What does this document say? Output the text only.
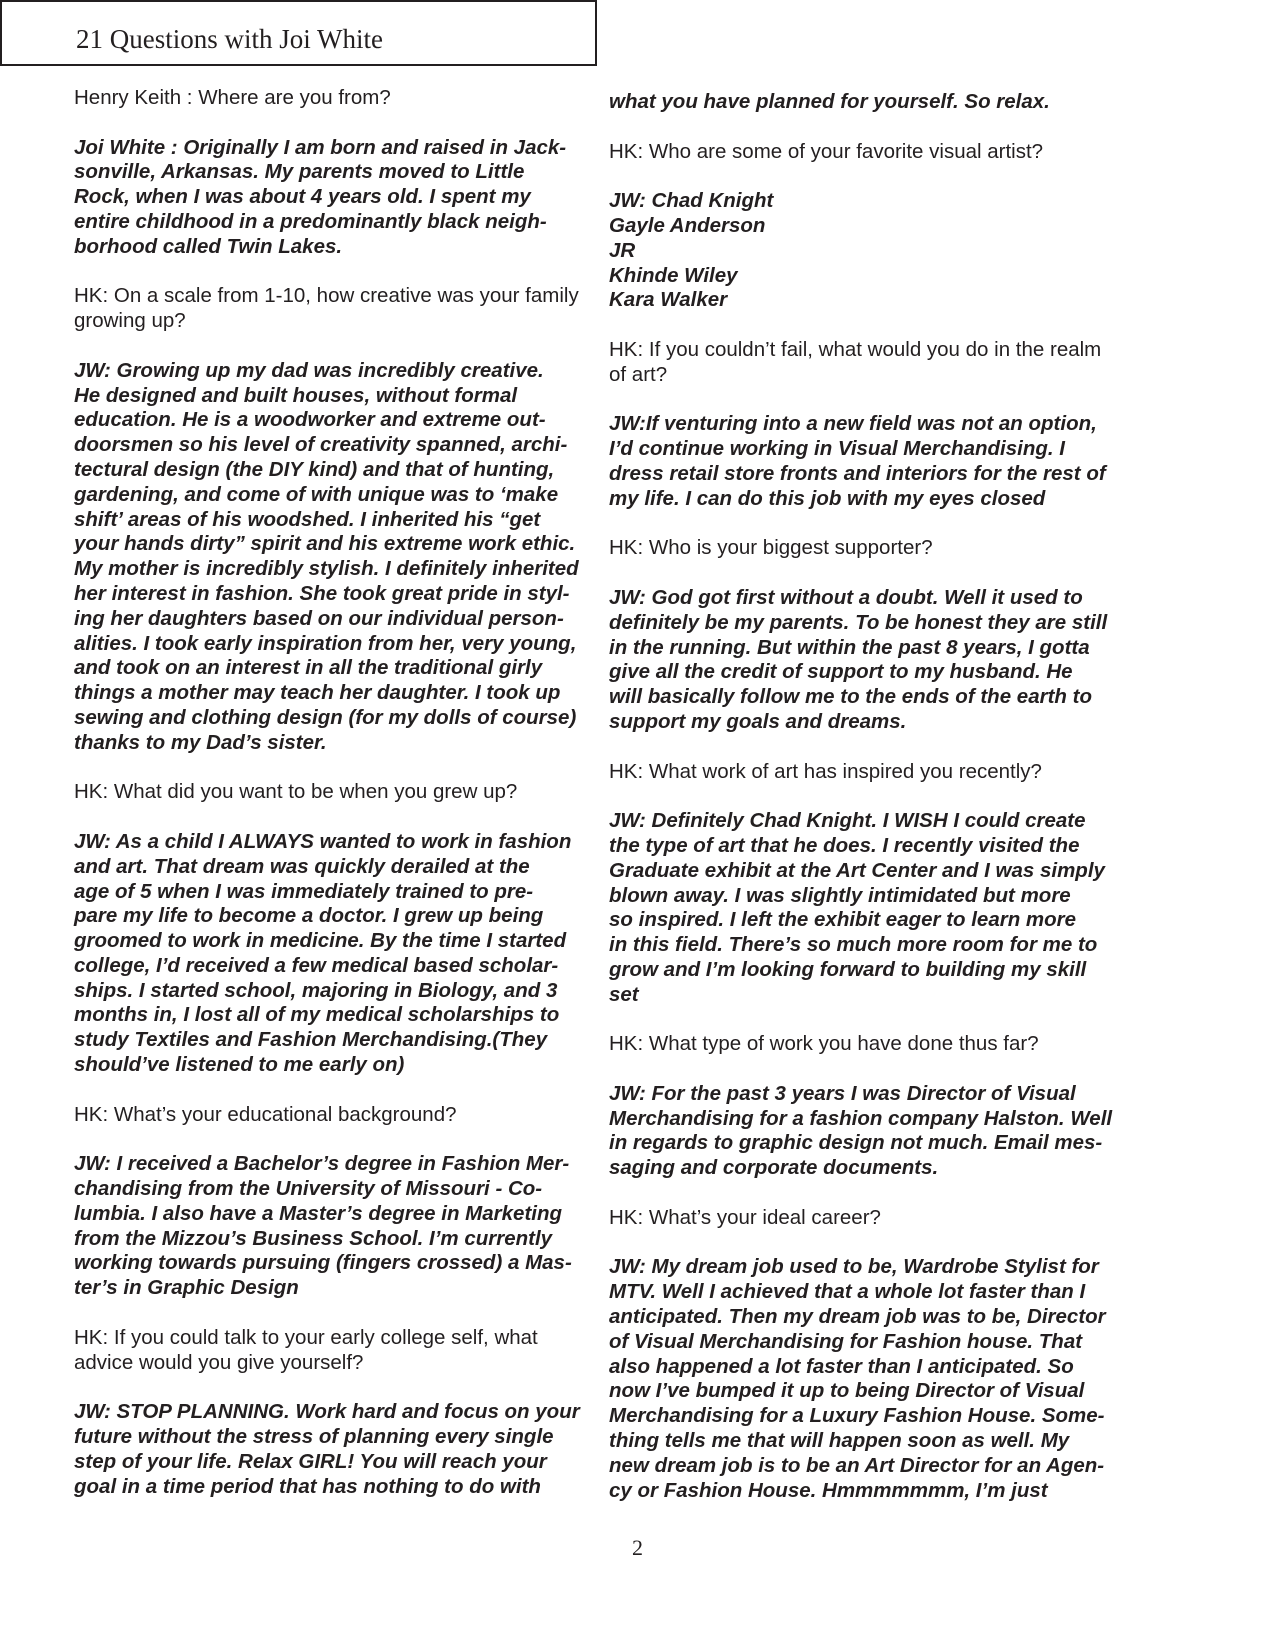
21 Questions with Joi White

Henry Keith : Where are you from?

Joi White : Originally I am born and raised in Jack-
sonville, Arkansas. My parents moved to Little
Rock, when I was about 4 years old. I spent my
entire childhood in a predominantly black neigh-
borhood called Twin Lakes.

HK: On a scale from 1-10, how creative was your family
growing up?

JW: Growing up my dad was incredibly creative.
He designed and built houses, without formal
education. He is a woodworker and extreme out-
doorsmen so his level of creativity spanned, archi-
tectural design (the DIY kind) and that of hunting,
gardening, and come of with unique was to ‘make
shift’ areas of his woodshed. I inherited his “get
your hands dirty” spirit and his extreme work ethic.
My mother is incredibly stylish. I definitely inherited
her interest in fashion. She took great pride in styl-
ing her daughters based on our individual person-
alities. I took early inspiration from her, very young,
and took on an interest in all the traditional girly
things a mother may teach her daughter. I took up
sewing and clothing design (for my dolls of course)
thanks to my Dad’s sister.

HK: What did you want to be when you grew up?

JW: As a child I ALWAYS wanted to work in fashion
and art. That dream was quickly derailed at the
age of 5 when I was immediately trained to pre-
pare my life to become a doctor. I grew up being
groomed to work in medicine. By the time I started
college, I’d received a few medical based scholar-
ships. I started school, majoring in Biology, and 3
months in, I lost all of my medical scholarships to
study Textiles and Fashion Merchandising.(They
should’ve listened to me early on)

HK: What’s your educational background?

JW: I received a Bachelor’s degree in Fashion Mer-
chandising from the University of Missouri - Co-
lumbia. I also have a Master’s degree in Marketing
from the Mizzou’s Business School. I’m currently
working towards pursuing (fingers crossed) a Mas-
ter’s in Graphic Design

HK: If you could talk to your early college self, what
advice would you give yourself?

JW: STOP PLANNING. Work hard and focus on your
future without the stress of planning every single
step of your life. Relax GIRL! You will reach your
goal in a time period that has nothing to do with

what you have planned for yourself. So relax.

HK: Who are some of your favorite visual artist?

JW: Chad Knight
Gayle Anderson
JR
Khinde Wiley
Kara Walker

HK: If you couldn’t fail, what would you do in the realm
of art?

JW:If venturing into a new field was not an option,
I’d continue working in Visual Merchandising. I
dress retail store fronts and interiors for the rest of
my life. I can do this job with my eyes closed

HK: Who is your biggest supporter?

JW: God got first without a doubt. Well it used to
definitely be my parents. To be honest they are still
in the running. But within the past 8 years, I gotta
give all the credit of support to my husband. He
will basically follow me to the ends of the earth to
support my goals and dreams.

HK: What work of art has inspired you recently?

JW: Definitely Chad Knight. I WISH I could create
the type of art that he does. I recently visited the
Graduate exhibit at the Art Center and I was simply
blown away. I was slightly intimidated but more
so inspired. I left the exhibit eager to learn more
in this field. There’s so much more room for me to
grow and I’m looking forward to building my skill
set

HK: What type of work you have done thus far?

JW: For the past 3 years I was Director of Visual
Merchandising for a fashion company Halston. Well
in regards to graphic design not much. Email mes-
saging and corporate documents.

HK: What’s your ideal career?

JW: My dream job used to be, Wardrobe Stylist for
MTV. Well I achieved that a whole lot faster than I
anticipated. Then my dream job was to be, Director
of Visual Merchandising for Fashion house. That
also happened a lot faster than I anticipated. So
now I’ve bumped it up to being Director of Visual
Merchandising for a Luxury Fashion House. Some-
thing tells me that will happen soon as well. My
new dream job is to be an Art Director for an Agen-
cy or Fashion House. Hmmmmmmm, I’m just

2
